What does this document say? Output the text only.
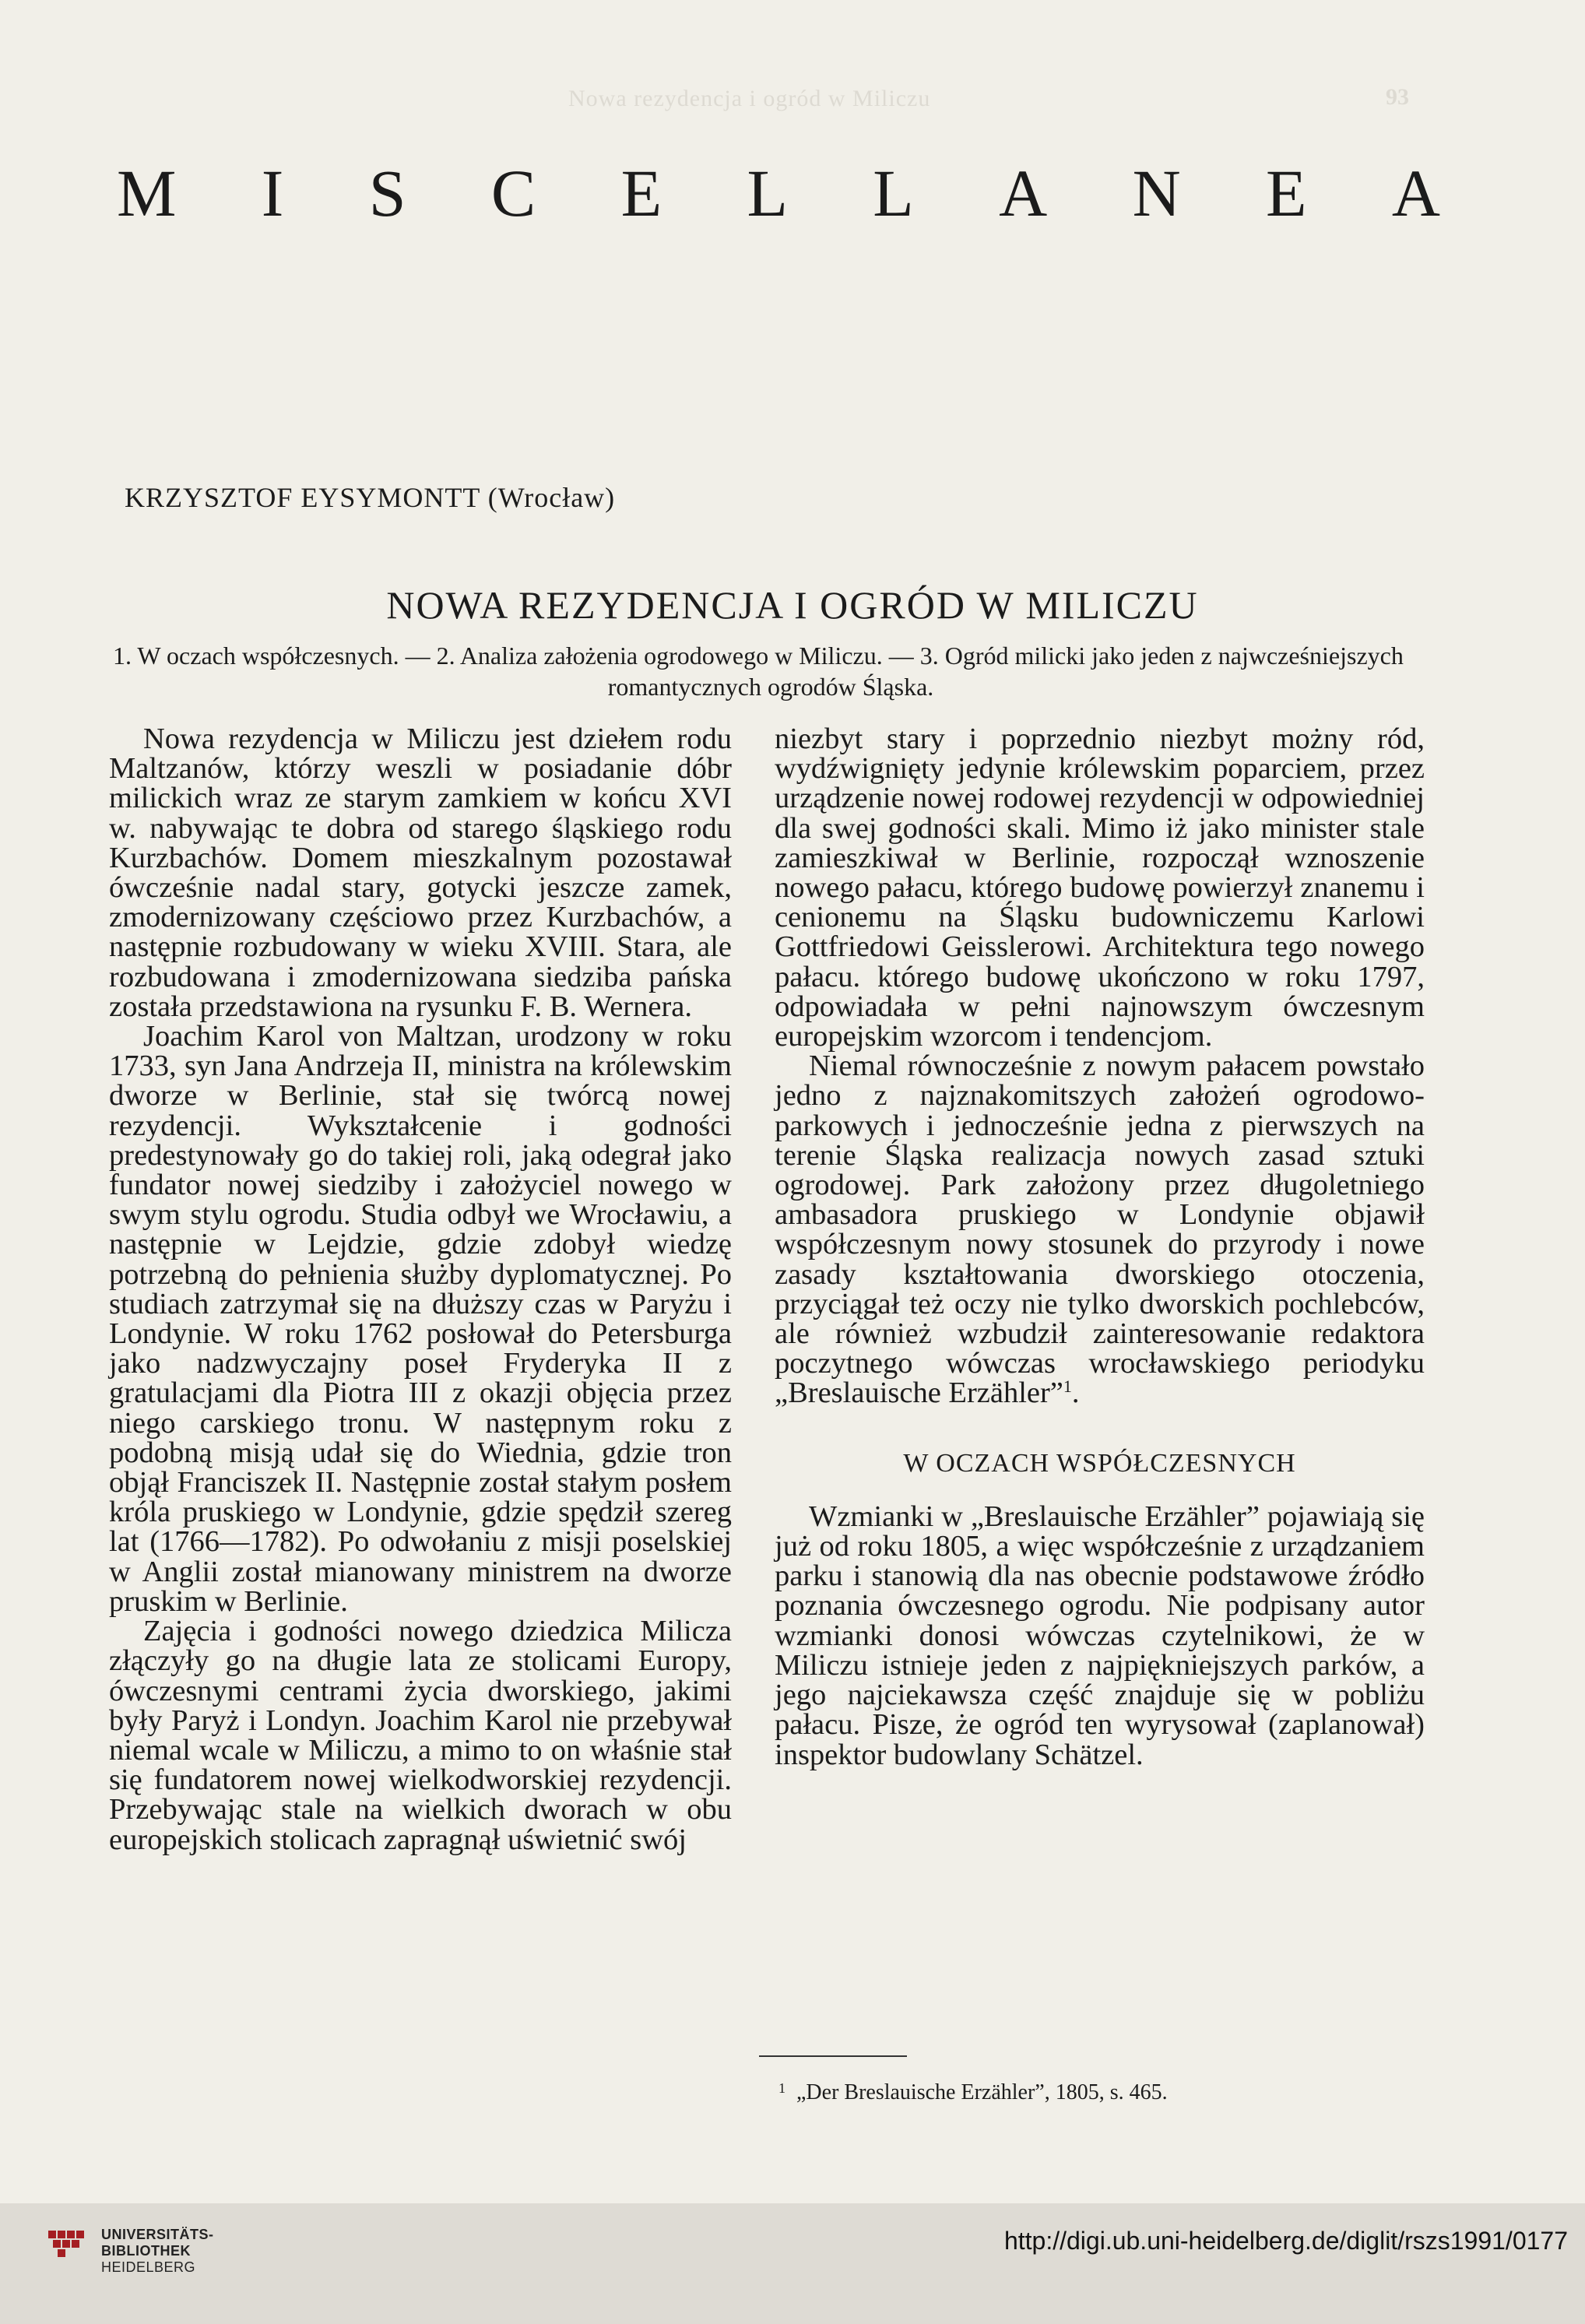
Nowa rezydencja i ogród w Miliczu	93
M I S C E L L A N E A
KRZYSZTOF EYSYMONTT (Wrocław)
NOWA REZYDENCJA I OGRÓD W MILICZU
1. W oczach współczesnych. — 2. Analiza założenia ogrodowego w Miliczu. — 3. Ogród milicki jako jeden z najwcześniejszych
romantycznych ogrodów Śląska.

Nowa rezydencja w Miliczu jest dziełem rodu Maltzanów, którzy weszli w posiadanie dóbr milickich wraz ze starym zamkiem w końcu XVI w. nabywając te dobra od starego śląskiego rodu Kurzbachów. Domem mieszkalnym pozostawał ówcześnie nadal stary, gotycki jeszcze zamek, zmodernizowany częściowo przez Kurzbachów, a następnie rozbudowany w wieku XVIII. Stara, ale rozbudowana i zmodernizowana siedziba pańska została przedstawiona na rysunku F. B. Wernera.

Joachim Karol von Maltzan, urodzony w roku 1733, syn Jana Andrzeja II, ministra na królewskim dworze w Berlinie, stał się twórcą nowej rezydencji. Wykształcenie i godności predestynowały go do takiej roli, jaką odegrał jako fundator nowej siedziby i założyciel nowego w swym stylu ogrodu. Studia odbył we Wrocławiu, a następnie w Lejdzie, gdzie zdobył wiedzę potrzebną do pełnienia służby dyplomatycznej. Po studiach zatrzymał się na dłuższy czas w Paryżu i Londynie. W roku 1762 posłował do Petersburga jako nadzwyczajny poseł Fryderyka II z gratulacjami dla Piotra III z okazji objęcia przez niego carskiego tronu. W następnym roku z podobną misją udał się do Wiednia, gdzie tron objął Franciszek II. Następnie został stałym posłem króla pruskiego w Londynie, gdzie spędził szereg lat (1766—1782). Po odwołaniu z misji poselskiej w Anglii został mianowany ministrem na dworze pruskim w Berlinie.

Zajęcia i godności nowego dziedzica Milicza złączyły go na długie lata ze stolicami Europy, ówczesnymi centrami życia dworskiego, jakimi były Paryż i Londyn. Joachim Karol nie przebywał niemal wcale w Miliczu, a mimo to on właśnie stał się fundatorem nowej wielkodworskiej rezydencji. Przebywając stale na wielkich dworach w obu europejskich stolicach zapragnął uświetnić swój

niezbyt stary i poprzednio niezbyt możny ród, wydźwignięty jedynie królewskim poparciem, przez urządzenie nowej rodowej rezydencji w odpowiedniej dla swej godności skali. Mimo iż jako minister stale zamieszkiwał w Berlinie, rozpoczął wznoszenie nowego pałacu, którego budowę powierzył znanemu i cenionemu na Śląsku budowniczemu Karlowi Gottfriedowi Geisslerowi. Architektura tego nowego pałacu. którego budowę ukończono w roku 1797, odpowiadała w pełni najnowszym ówczesnym europejskim wzorcom i tendencjom.

Niemal równocześnie z nowym pałacem powstało jedno z najznakomitszych założeń ogrodowo-parkowych i jednocześnie jedna z pierwszych na terenie Śląska realizacja nowych zasad sztuki ogrodowej. Park założony przez długoletniego ambasadora pruskiego w Londynie objawił współczesnym nowy stosunek do przyrody i nowe zasady kształtowania dworskiego otoczenia, przyciągał też oczy nie tylko dworskich pochlebców, ale również wzbudził zainteresowanie redaktora poczytnego wówczas wrocławskiego periodyku „Breslauische Erzähler”$^1$.

W OCZACH WSPÓŁCZESNYCH

Wzmianki w „Breslauische Erzähler” pojawiają się już od roku 1805, a więc współcześnie z urządzaniem parku i stanowią dla nas obecnie podstawowe źródło poznania ówczesnego ogrodu. Nie podpisany autor wzmianki donosi wówczas czytelnikowi, że w Miliczu istnieje jeden z najpiękniejszych parków, a jego najciekawsza część znajduje się w pobliżu pałacu. Pisze, że ogród ten wyrysował (zaplanował) inspektor budowlany Schätzel.

$^1$ „Der Breslauische Erzähler”, 1805, s. 465.
UNIVERSITÄTS-
BIBLIOTHEK
HEIDELBERG
http://digi.ub.uni-heidelberg.de/diglit/rszs1991/0177
